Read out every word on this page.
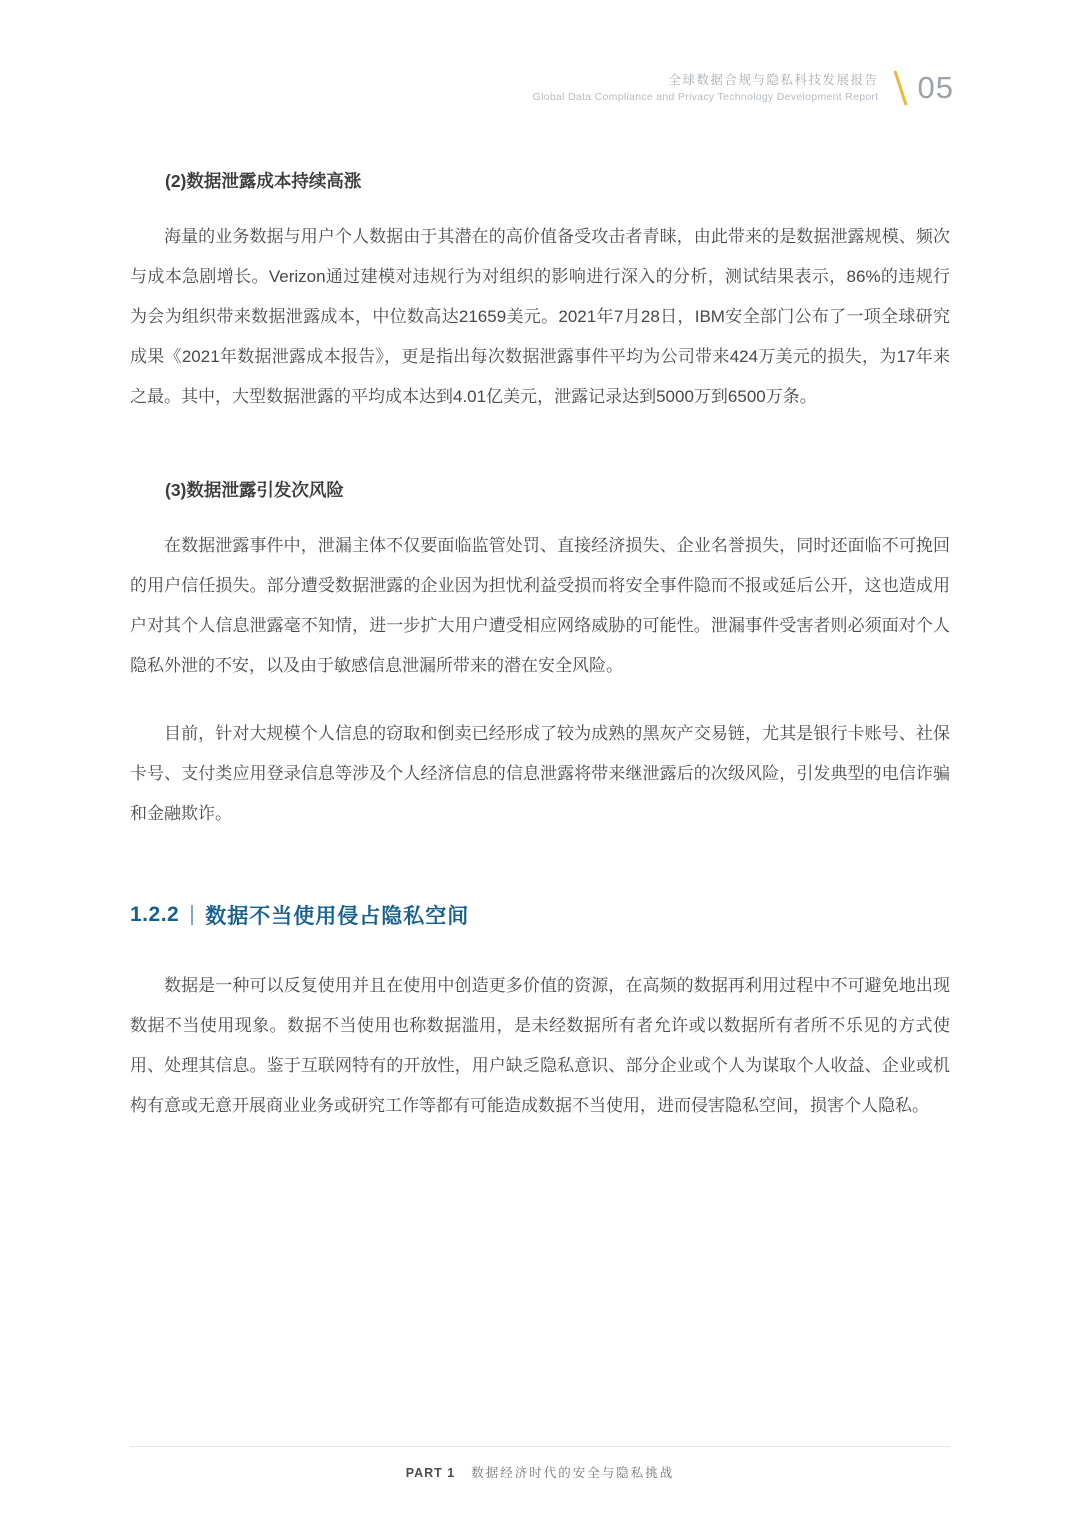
全球数据合规与隐私科技发展报告
Global Data Compliance and Privacy Technology Development Report 05
(2)数据泄露成本持续高涨

海量的业务数据与用户个人数据由于其潜在的高价值备受攻击者青睐，由此带来的是数据泄露规模、频次与成本急剧增长。Verizon通过建模对违规行为对组织的影响进行深入的分析，测试结果表示，86%的违规行为会为组织带来数据泄露成本，中位数高达21659美元。2021年7月28日，IBM安全部门公布了一项全球研究成果《2021年数据泄露成本报告》，更是指出每次数据泄露事件平均为公司带来424万美元的损失，为17年来之最。其中，大型数据泄露的平均成本达到4.01亿美元，泄露记录达到5000万到6500万条。

(3)数据泄露引发次风险

在数据泄露事件中，泄漏主体不仅要面临监管处罚、直接经济损失、企业名誉损失，同时还面临不可挽回的用户信任损失。部分遭受数据泄露的企业因为担忧利益受损而将安全事件隐而不报或延后公开，这也造成用户对其个人信息泄露毫不知情，进一步扩大用户遭受相应网络威胁的可能性。泄漏事件受害者则必须面对个人隐私外泄的不安，以及由于敏感信息泄漏所带来的潜在安全风险。

目前，针对大规模个人信息的窃取和倒卖已经形成了较为成熟的黑灰产交易链，尤其是银行卡账号、社保卡号、支付类应用登录信息等涉及个人经济信息的信息泄露将带来继泄露后的次级风险，引发典型的电信诈骗和金融欺诈。

1.2.2 数据不当使用侵占隐私空间

数据是一种可以反复使用并且在使用中创造更多价值的资源，在高频的数据再利用过程中不可避免地出现数据不当使用现象。数据不当使用也称数据滥用，是未经数据所有者允许或以数据所有者所不乐见的方式使用、处理其信息。鉴于互联网特有的开放性，用户缺乏隐私意识、部分企业或个人为谋取个人收益、企业或机构有意或无意开展商业业务或研究工作等都有可能造成数据不当使用，进而侵害隐私空间，损害个人隐私。

PART 1 数据经济时代的安全与隐私挑战
